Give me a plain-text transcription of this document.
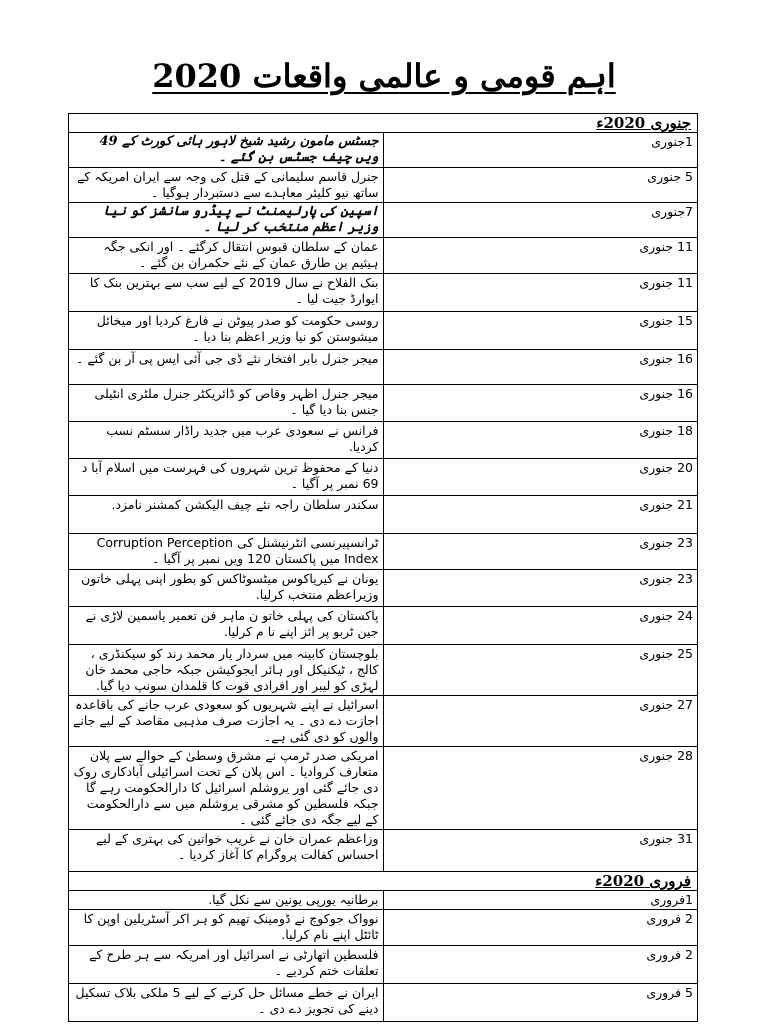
اہم قومی و عالمی واقعات 2020
جنوری 2020ء	
1جنوری	جسٹس مامون رشید شیخ لاہور ہائی کورٹ کے 49 ویں چیف جسٹس بن گئے ۔
5 جنوری	جنرل قاسم سلیمانی کے قتل کی وجہ سے ایران امریکہ کے ساتھ نیو کلیئر معاہدے سے دستبردار ہوگیا ۔
7جنوری	اسپین کی پارلیمنٹ نے پیڈرو سانشز کو نیا وزیر اعظم منتخب کر لیا ۔
11 جنوری	عمان کے سلطان قبوس انتقال کرگئے ۔ اور انکی جگہ ہیثیم بن طارق عمان کے نئے حکمران بن گئے ۔
11 جنوری	بنک الفلاح نے سال 2019 کے لیے سب سے بہترین بنک کا ایوارڈ جیت لیا ۔
15 جنوری	روسی حکومت کو صدر پیوٹن نے فارغ کردیا اور میخائل میشوستن کو نیا وزیر اعظم بنا دیا ۔
16 جنوری	میجر جنرل بابر افتخار نئے ڈی جی آئی ایس پی آر بن گئے ۔
16 جنوری	میجر جنرل اظہر وقاص کو ڈائریکٹر جنرل ملٹری انٹیلی جنس بنا دیا گیا ۔
18 جنوری	فرانس نے سعودی عرب میں جدید راڈار سسٹم نسب کردیا.
20 جنوری	دنیا کے محفوظ ترین شہروں کی فہرست میں اسلام آبا د 69 نمبر پر آگیا ۔
21 جنوری	سکندر سلطان راجہ نئے چیف الیکشن کمشنر نامزد.
23 جنوری	ٹرانسپیرنسی انٹرنیشنل کی Corruption Perception Index میں پاکستان 120 ویں نمبر پر آگیا ۔
23 جنوری	یونان نے کیریاکوس میٹسوٹاکس کو بطور اپنی پہلی خاتون وزیراعظم منتخب کرلیا.
24 جنوری	پاکستان کی پہلی خاتو ن ماہر فن تعمیر یاسمین لاڑی نے جین ٹربو پر ائز اپنے نا م کرلیا.
25 جنوری	بلوچستان کابینہ میں سردار یار محمد رند کو سیکنڈری ، کالج ، ٹیکنیکل اور ہائر ایجوکیشن جبکہ حاجی محمد خان لہڑی کو لیبر اور افرادی قوت کا قلمدان سونپ دیا گیا.
27 جنوری	اسرائیل نے اپنے شہریوں کو سعودی عرب جانے کی باقاعدہ اجازت دے دی ۔ یہ اجازت صرف مذہبی مقاصد کے لیے جانے والوں کو دی گئی ہے۔
28 جنوری	امریکی صدر ٹرمپ نے مشرق وسطیٰ کے حوالے سے پلان متعارف کروادیا ۔ اس پلان کے تحت اسرائیلی آبادکاری روک دی جائے گئی اور یروشلم اسرائیل کا دارالحکومت رہے گا جبکہ فلسطین کو مشرقی یروشلم میں سے دارالحکومت کے لیے جگہ دی جائے گئی ۔
31 جنوری	وزاعظم عمران خان نے غریب خواتین کی بہتری کے لیے احساس کفالت پروگرام کا آغاز کردیا ۔
فروری 2020ء	
1فروری	برطانیہ یورپی یونین سے نکل گیا.
2 فروری	نوواک جوکوچ نے ڈومینک تھیم کو ہر اکر آسٹریلین اوپن کا ٹائٹل اپنے نام کرلیا.
2 فروری	فلسطین اتھارٹی نے اسرائیل اور امریکہ سے ہر طرح کے تعلقات ختم کردیے ۔
5 فروری	ایران نے خطے مسائل حل کرنے کے لیے 5 ملکی بلاک تسکیل دینے کی تجویز دے دی ۔
